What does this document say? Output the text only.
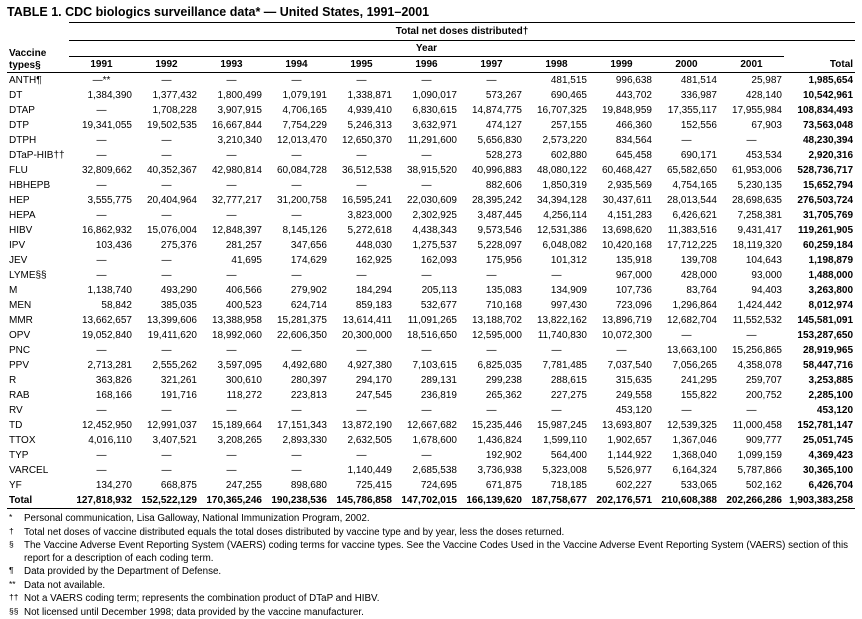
TABLE 1. CDC biologics surveillance data* — United States, 1991–2001
Vaccine
types§	Total net doses distributed†											
	Year											
	1991	1992	1993	1994	1995	1996	1997	1998	1999	2000	2001	Total
ANTH¶	—**	—	—	—	—	—	—	481,515	996,638	481,514	25,987	1,985,654
DT	1,384,390	1,377,432	1,800,499	1,079,191	1,338,871	1,090,017	573,267	690,465	443,702	336,987	428,140	10,542,961
DTAP	—	1,708,228	3,907,915	4,706,165	4,939,410	6,830,615	14,874,775	16,707,325	19,848,959	17,355,117	17,955,984	108,834,493
DTP	19,341,055	19,502,535	16,667,844	7,754,229	5,246,313	3,632,971	474,127	257,155	466,360	152,556	67,903	73,563,048
DTPH	—	—	3,210,340	12,013,470	12,650,370	11,291,600	5,656,830	2,573,220	834,564	—	—	48,230,394
DTaP-HIB††	—	—	—	—	—	—	528,273	602,880	645,458	690,171	453,534	2,920,316
FLU	32,809,662	40,352,367	42,980,814	60,084,728	36,512,538	38,915,520	40,996,883	48,080,122	60,468,427	65,582,650	61,953,006	528,736,717
HBHEPB	—	—	—	—	—	—	882,606	1,850,319	2,935,569	4,754,165	5,230,135	15,652,794
HEP	3,555,775	20,404,964	32,777,217	31,200,758	16,595,241	22,030,609	28,395,242	34,394,128	30,437,611	28,013,544	28,698,635	276,503,724
HEPA	—	—	—	—	3,823,000	2,302,925	3,487,445	4,256,114	4,151,283	6,426,621	7,258,381	31,705,769
HIBV	16,862,932	15,076,004	12,848,397	8,145,126	5,272,618	4,438,343	9,573,546	12,531,386	13,698,620	11,383,516	9,431,417	119,261,905
IPV	103,436	275,376	281,257	347,656	448,030	1,275,537	5,228,097	6,048,082	10,420,168	17,712,225	18,119,320	60,259,184
JEV	—	—	41,695	174,629	162,925	162,093	175,956	101,312	135,918	139,708	104,643	1,198,879
LYME§§	—	—	—	—	—	—	—	—	967,000	428,000	93,000	1,488,000
M	1,138,740	493,290	406,566	279,902	184,294	205,113	135,083	134,909	107,736	83,764	94,403	3,263,800
MEN	58,842	385,035	400,523	624,714	859,183	532,677	710,168	997,430	723,096	1,296,864	1,424,442	8,012,974
MMR	13,662,657	13,399,606	13,388,958	15,281,375	13,614,411	11,091,265	13,188,702	13,822,162	13,896,719	12,682,704	11,552,532	145,581,091
OPV	19,052,840	19,411,620	18,992,060	22,606,350	20,300,000	18,516,650	12,595,000	11,740,830	10,072,300	—	—	153,287,650
PNC	—	—	—	—	—	—	—	—	—	13,663,100	15,256,865	28,919,965
PPV	2,713,281	2,555,262	3,597,095	4,492,680	4,927,380	7,103,615	6,825,035	7,781,485	7,037,540	7,056,265	4,358,078	58,447,716
R	363,826	321,261	300,610	280,397	294,170	289,131	299,238	288,615	315,635	241,295	259,707	3,253,885
RAB	168,166	191,716	118,272	223,813	247,545	236,819	265,362	227,275	249,558	155,822	200,752	2,285,100
RV	—	—	—	—	—	—	—	—	453,120	—	—	453,120
TD	12,452,950	12,991,037	15,189,664	17,151,343	13,872,190	12,667,682	15,235,446	15,987,245	13,693,807	12,539,325	11,000,458	152,781,147
TTOX	4,016,110	3,407,521	3,208,265	2,893,330	2,632,505	1,678,600	1,436,824	1,599,110	1,902,657	1,367,046	909,777	25,051,745
TYP	—	—	—	—	—	—	192,902	564,400	1,144,922	1,368,040	1,099,159	4,369,423
VARCEL	—	—	—	—	1,140,449	2,685,538	3,736,938	5,323,008	5,526,977	6,164,324	5,787,866	30,365,100
YF	134,270	668,875	247,255	898,680	725,415	724,695	671,875	718,185	602,227	533,065	502,162	6,426,704
Total	127,818,932	152,522,129	170,365,246	190,238,536	145,786,858	147,702,015	166,139,620	187,758,677	202,176,571	210,608,388	202,266,286	1,903,383,258
* Personal communication, Lisa Galloway, National Immunization Program, 2002.
† Total net doses of vaccine distributed equals the total doses distributed by vaccine type and by year, less the doses returned.
§ The Vaccine Adverse Event Reporting System (VAERS) coding terms for vaccine types. See the Vaccine Codes Used in the Vaccine Adverse Event Reporting System (VAERS) section of this report for a description of each coding term.
¶ Data provided by the Department of Defense.
** Data not available.
†† Not a VAERS coding term; represents the combination product of DTaP and HIBV.
§§ Not licensed until December 1998; data provided by the vaccine manufacturer.
